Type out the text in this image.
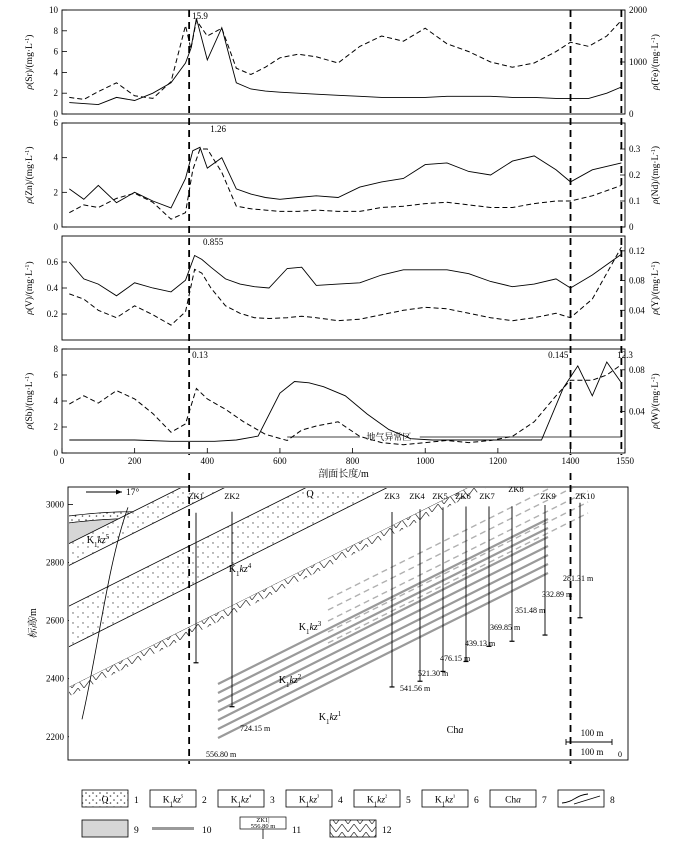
0
2
4
6
8
10
0
1000
2000
$\rho(Sr)/(mg\cdot L^{-1})$
$\rho(Fe)/(mg\cdot L^{-1})$
15.9
0
2
4
6
0
0.1
0.2
0.3
$\rho(Zn)/(mg\cdot L^{-1})$
$\rho(Nd)/(mg\cdot L^{-1})$
1.26
0.2
0.4
0.6
0.04
0.08
0.12
$\rho(V)/(mg\cdot L^{-1})$
$\rho(Y)/(mg\cdot L^{-1})$
0.855
0
2
4
6
8
0.04
0.08
$\rho(Sb)/(mg\cdot L^{-1})$
$\rho(W)/(mg\cdot L^{-1})$
0.13	0.145	12.3
地气异常区
0	200	400	600	800	1000	1200	1400	1550
剖面长度/m
2200
2400
2600
2800
3000
标高/m
ZK1 ZK2	ZK3 ZK4 ZK5 ZK6 ZK7
ZK8
ZK9 ZK10
556.80 m
724.15 m
541.56 m
521.30 m
476.15 m
439.13 m
369.85 m
351.48 m
332.89 m
281.31 m
Q
$K_1kz^5$
$K_1kz^4$
$K_1kz^3$
$K_1kz^2$
$K_1kz^1$
Cha
17°
100 m
100 m 0
Q	1	$K_1kz^{^5}$ 2	$K_1kz^{^4}$ 3	$K_1kz^{^3}$ 4	$K_1kz^{^2}$ 5	$K_1kz^{^1}$ 6	Cha 7	8
9	10
ZK1|
556.80 m 11	12
